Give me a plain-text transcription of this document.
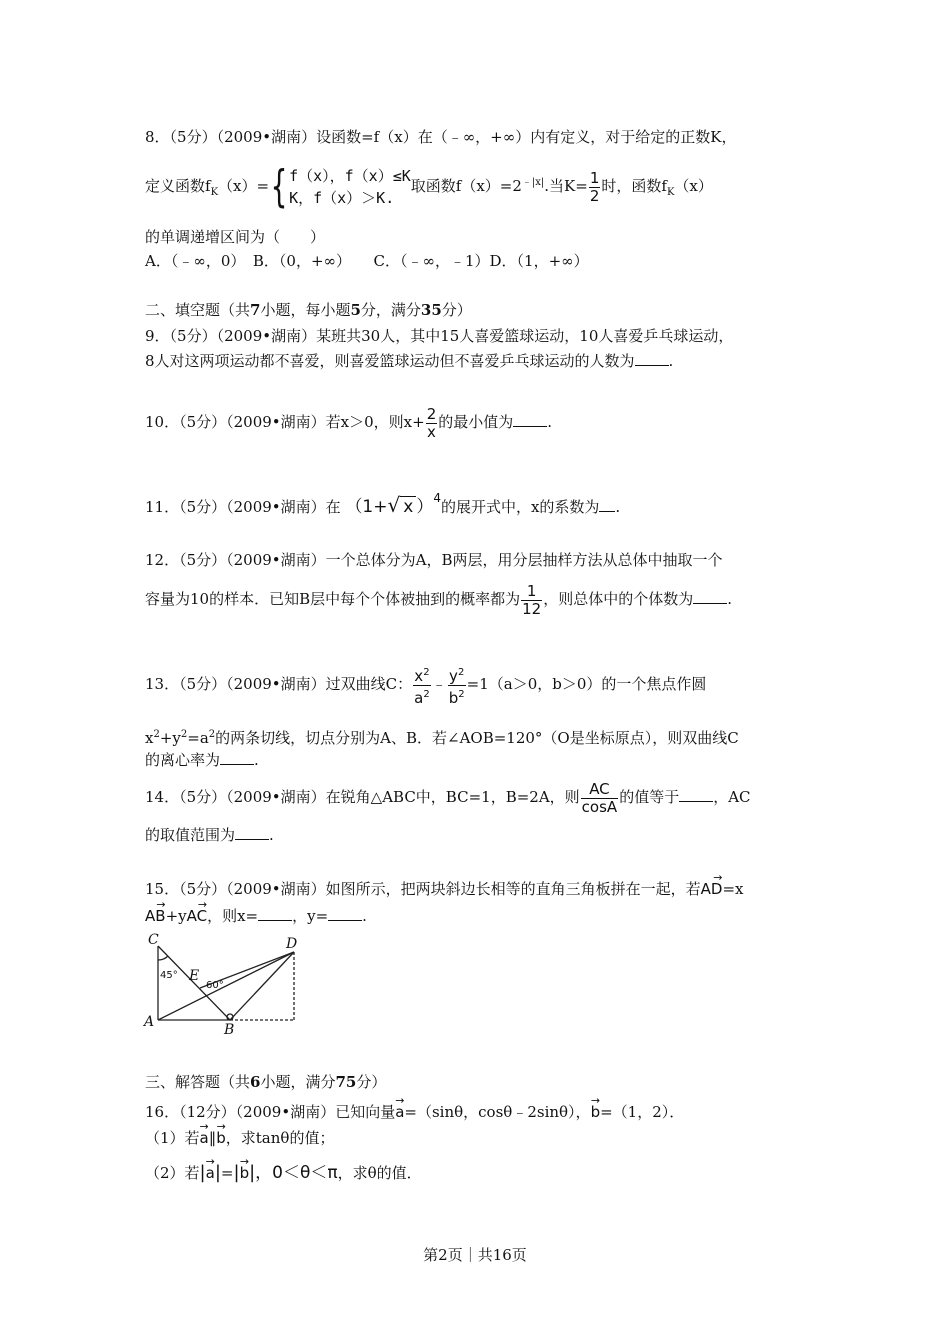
8．（5分）（2009•湖南）设函数=f（x）在（﹣∞，+∞）内有定义，对于给定的正数K，
定义函数$f_K(x)=${ f（x），f（x）≤K
K，f（x）＞K.
取函数$f(x)=2^{﹣|x|}$.当$K= \frac{1}{2}$ 时，函数$f_K(x)$
的单调递增区间为（　　）
A．（﹣∞，0）　B．（0，+∞）　　C．（﹣∞，﹣1）D．（1，+∞）
二、填空题（共7小题，每小题5分，满分35分）
9．（5分）（2009•湖南）某班共30人，其中15人喜爱篮球运动，10人喜爱乒乓球运动，
8人对这两项运动都不喜爱，则喜爱篮球运动但不喜爱乒乓球运动的人数为 .
10．（5分）（2009•湖南）若x＞0，则$x+ \frac{2}{x}$ 的最小值为 .
11．（5分）（2009•湖南）在 （1+√ x ）$^4$的展开式中，x的系数为 .
12．（5分）（2009•湖南）一个总体分为A，B两层，用分层抽样方法从总体中抽取一个
容量为10的样本．已知B层中每个个体被抽到的概率都为 $\frac{1}{12}$ ，则总体中的个体数为 .
13．（5分）（2009•湖南）过双曲线C： $\frac{x^2}{a^2}$ ﹣ $\frac{y^2}{b^2} =1(a>0$，b＞0）的一个焦点作圆
$x^2+y^2=a^2$的两条切线，切点分别为A、B．若∠AOB=120°（O是坐标原点），则双曲线C
的离心率为 .
14．（5分）（2009•湖南）在锐角△ABC中，BC=1，B=2A，则 $\frac{AC}{\cos A}$ 的值等于 ，AC
的取值范围为 .
15．（5分）（2009•湖南）如图所示，把两块斜边长相等的直角三角板拼在一起，若→ AD=x
→ AB+y→ AC，则x= ，y= .
C	D
E
A	B
45°
60°
三、解答题（共6小题，满分75分）
16．（12分）（2009•湖南）已知向量→ a=（sinθ，cosθ﹣2sinθ），→ b=（1，2）．
（1）若→ a∥→ b，求tanθ的值；
（2）若|→ a|=|→ b|，0＜θ＜π，求θ的值．
第2页｜共16页
